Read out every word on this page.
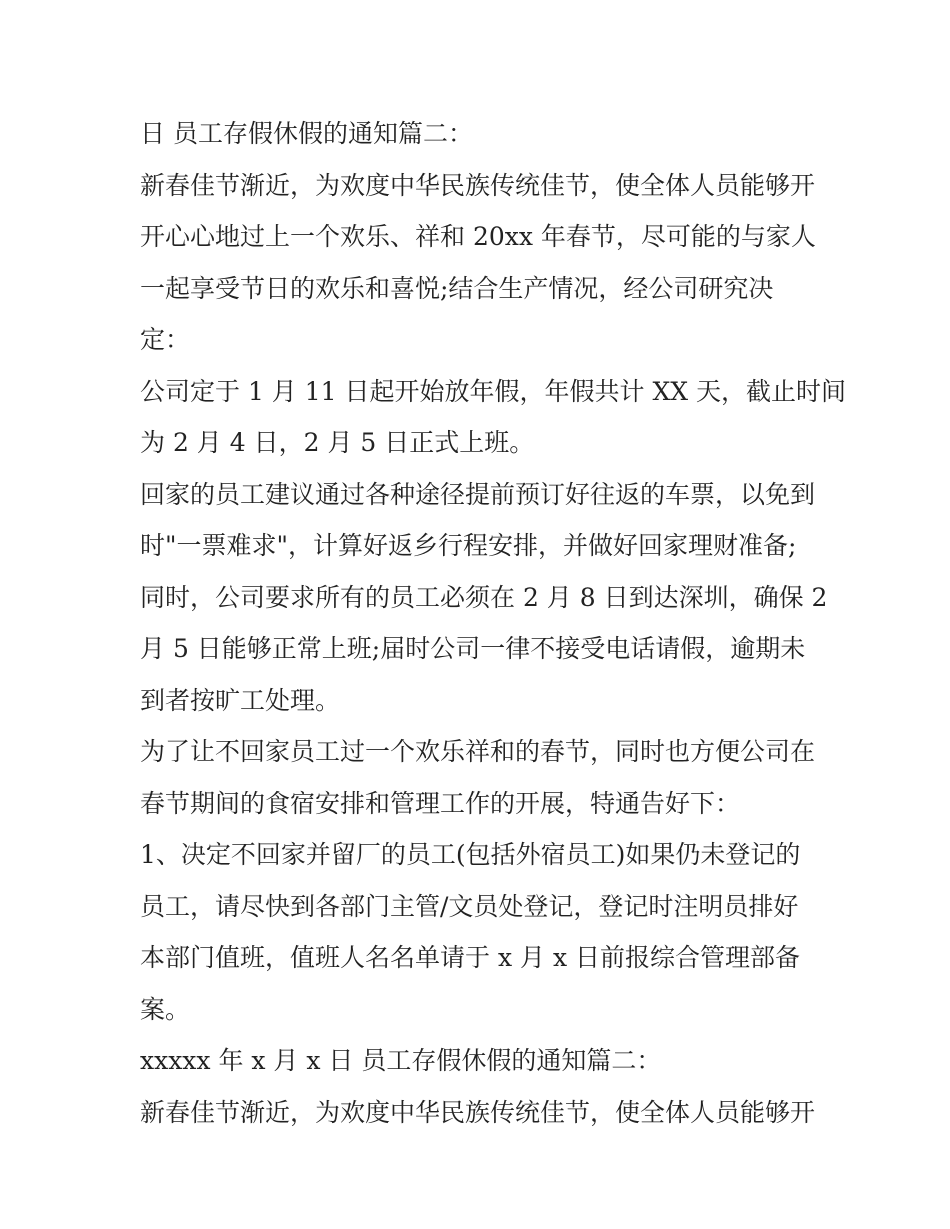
日 员工存假休假的通知篇二：
新春佳节渐近，为欢度中华民族传统佳节，使全体人员能够开
开心心地过上一个欢乐、祥和 20xx 年春节，尽可能的与家人
一起享受节日的欢乐和喜悦;结合生产情况，经公司研究决
定：
公司定于 1 月 11 日起开始放年假，年假共计 XX 天，截止时间
为 2 月 4 日，2 月 5 日正式上班。
回家的员工建议通过各种途径提前预订好往返的车票，以免到
时"一票难求"，计算好返乡行程安排，并做好回家理财准备;
同时，公司要求所有的员工必须在 2 月 8 日到达深圳，确保 2
月 5 日能够正常上班;届时公司一律不接受电话请假，逾期未
到者按旷工处理。
为了让不回家员工过一个欢乐祥和的春节，同时也方便公司在
春节期间的食宿安排和管理工作的开展，特通告好下：
1、决定不回家并留厂的员工(包括外宿员工)如果仍未登记的
员工，请尽快到各部门主管/文员处登记，登记时注明员排好
本部门值班，值班人名名单请于 x 月 x 日前报综合管理部备
案。
xxxxx 年 x 月 x 日 员工存假休假的通知篇二：
新春佳节渐近，为欢度中华民族传统佳节，使全体人员能够开
